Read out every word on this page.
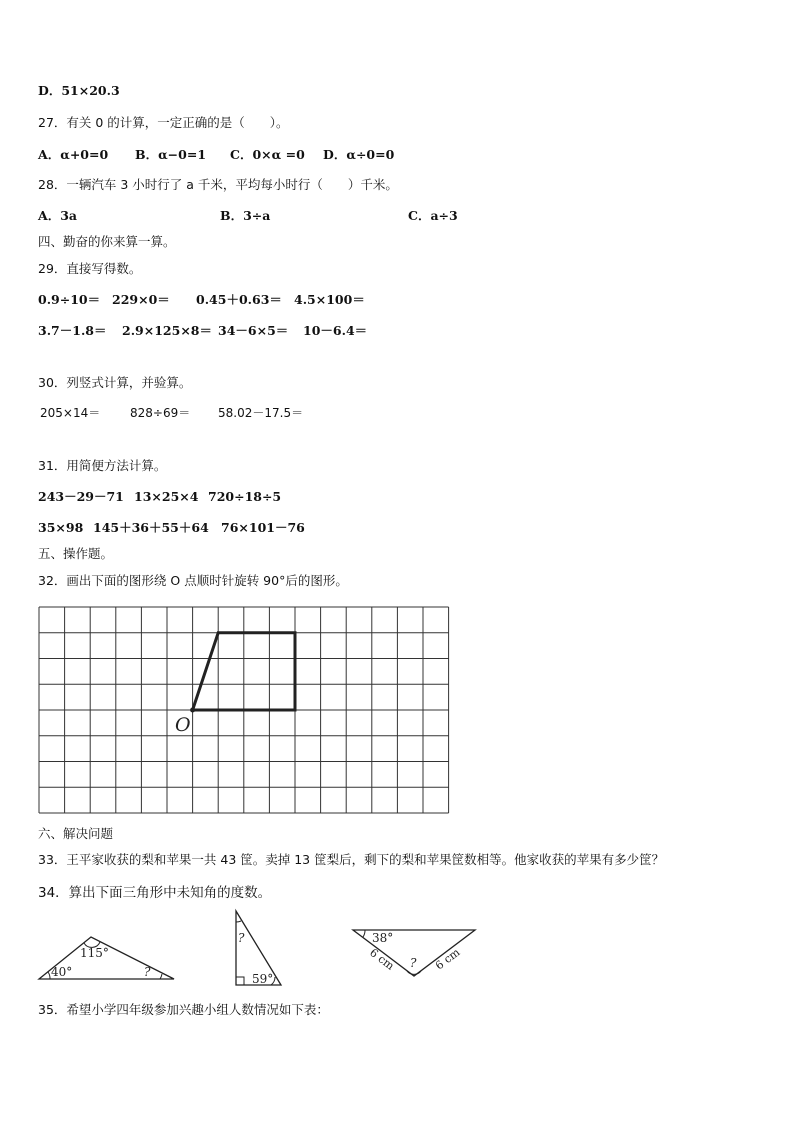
D．51×20.3
27．有关 0 的计算，一定正确的是（　　）。
A．α+0=0 B．α−0=1 C．0×α =0 D．α÷0=0
28．一辆汽车 3 小时行了 a 千米，平均每小时行（　　）千米。
A．3a	B．3÷a	C．a÷3
四、勤奋的你来算一算。
29．直接写得数。
0.9÷10＝ 229×0＝ 0.45＋0.63＝ 4.5×100＝
3.7－1.8＝ 2.9×125×8＝ 34－6×5＝ 10－6.4＝
30．列竖式计算，并验算。
205×14＝ 828÷69＝ 58.02－17.5＝
31．用简便方法计算。
243－29－71 13×25×4 720÷18÷5
35×98 145＋36＋55＋64 76×101－76
五、操作题。
32．画出下面的图形绕 O 点顺时针旋转 90°后的图形。
O
六、解决问题
33．王平家收获的梨和苹果一共 43 筐。卖掉 13 筐梨后，剩下的梨和苹果筐数相等。他家收获的苹果有多少筐？
34．算出下面三角形中未知角的度数。
115°
40°	?
?
59°
38°
6 cm	6 cm
?
35．希望小学四年级参加兴趣小组人数情况如下表：
